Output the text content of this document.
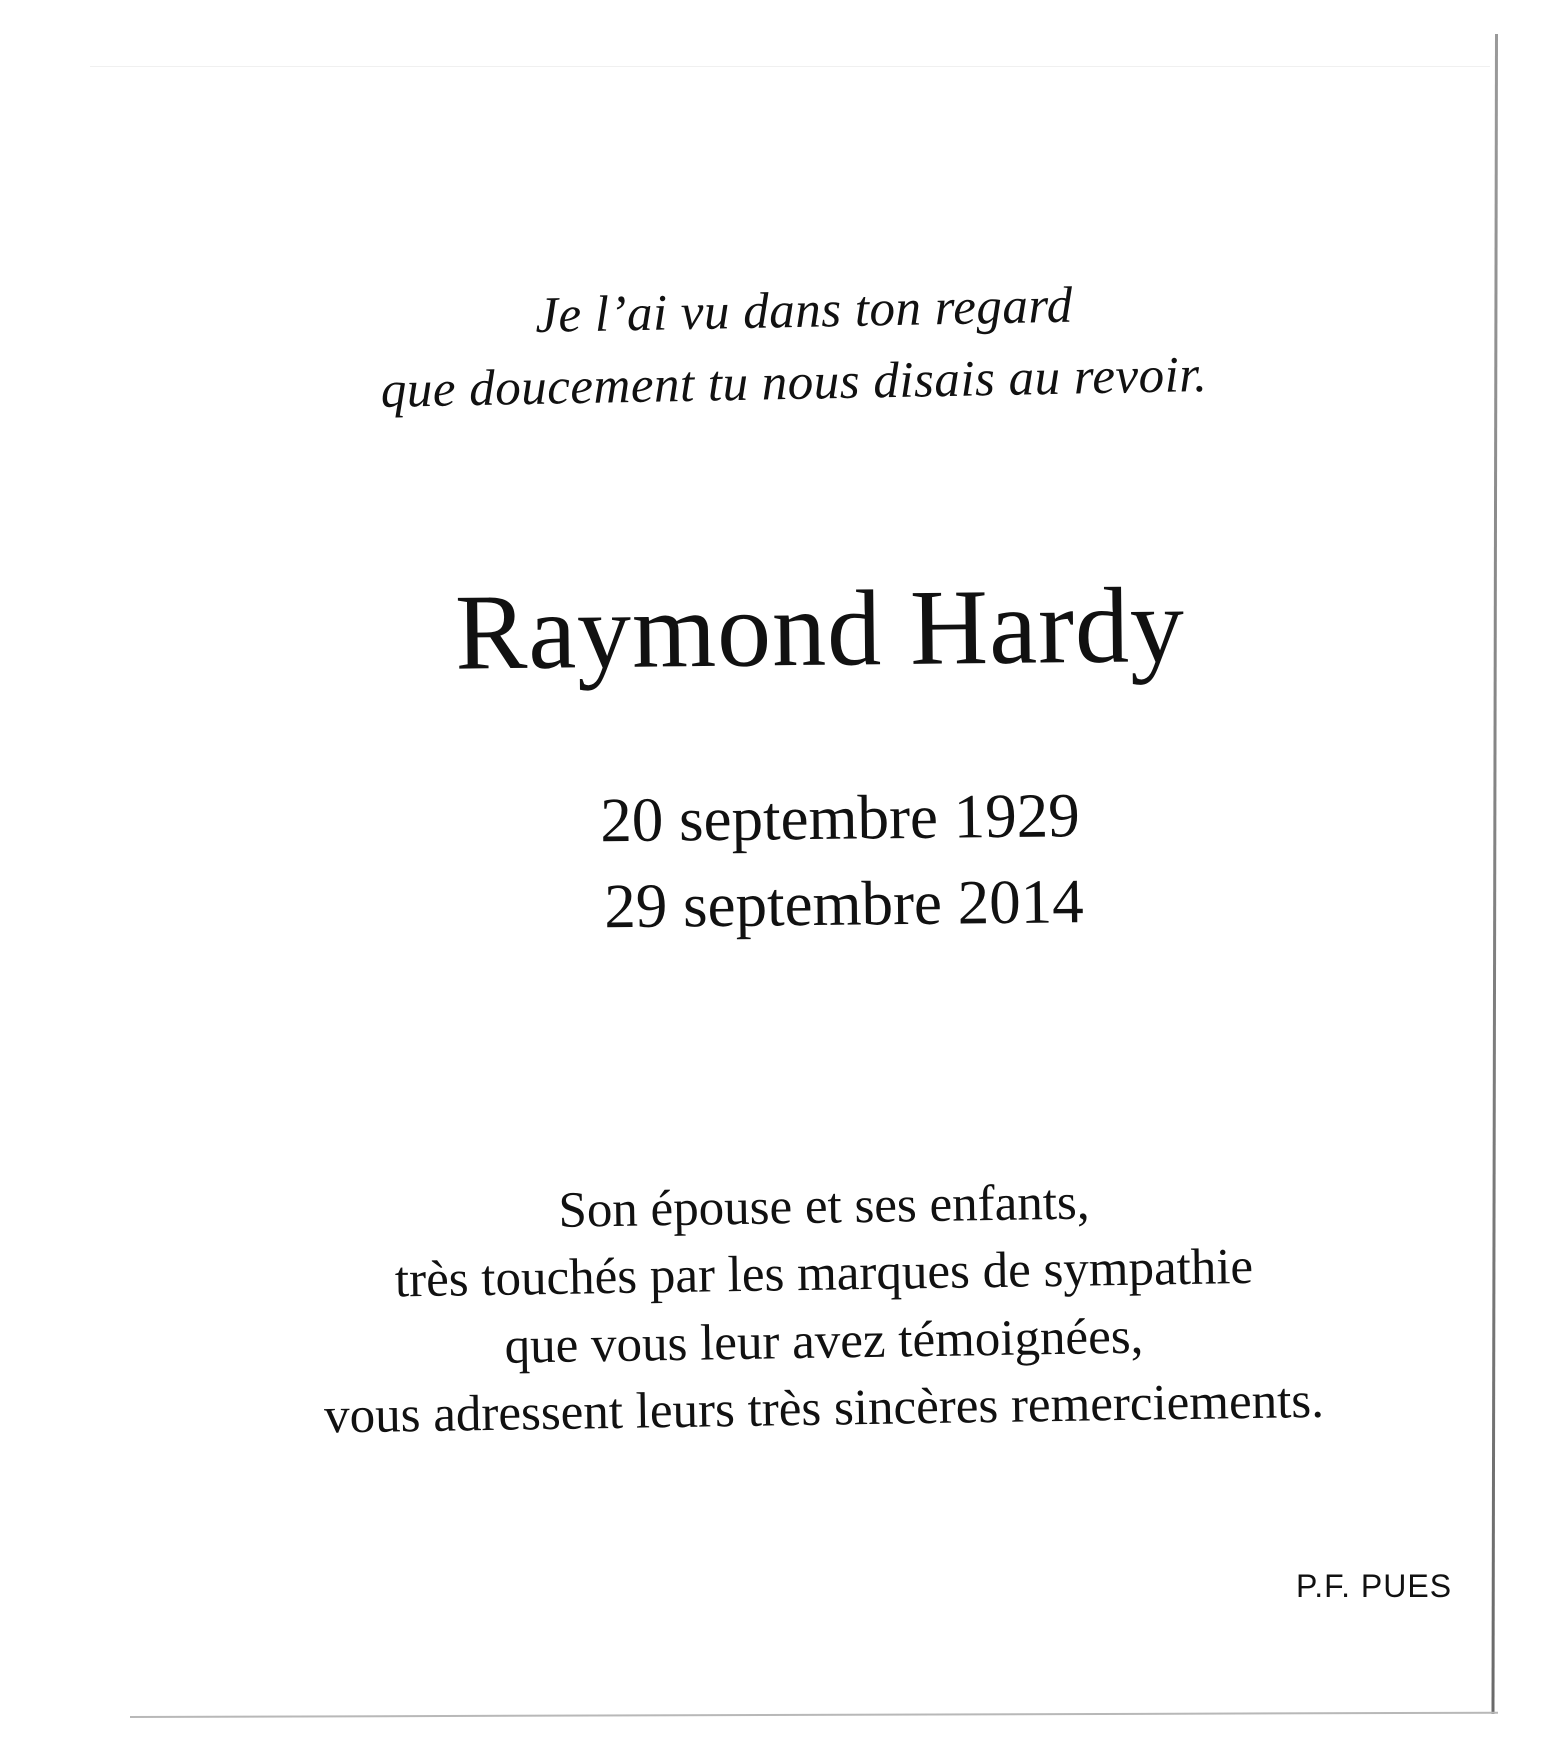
Je l’ai vu dans ton regard
que doucement tu nous disais au revoir.
Raymond Hardy
20 septembre 1929
29 septembre 2014
Son épouse et ses enfants,
très touchés par les marques de sympathie
que vous leur avez témoignées,
vous adressent leurs très sincères remerciements.
P.F. PUES
